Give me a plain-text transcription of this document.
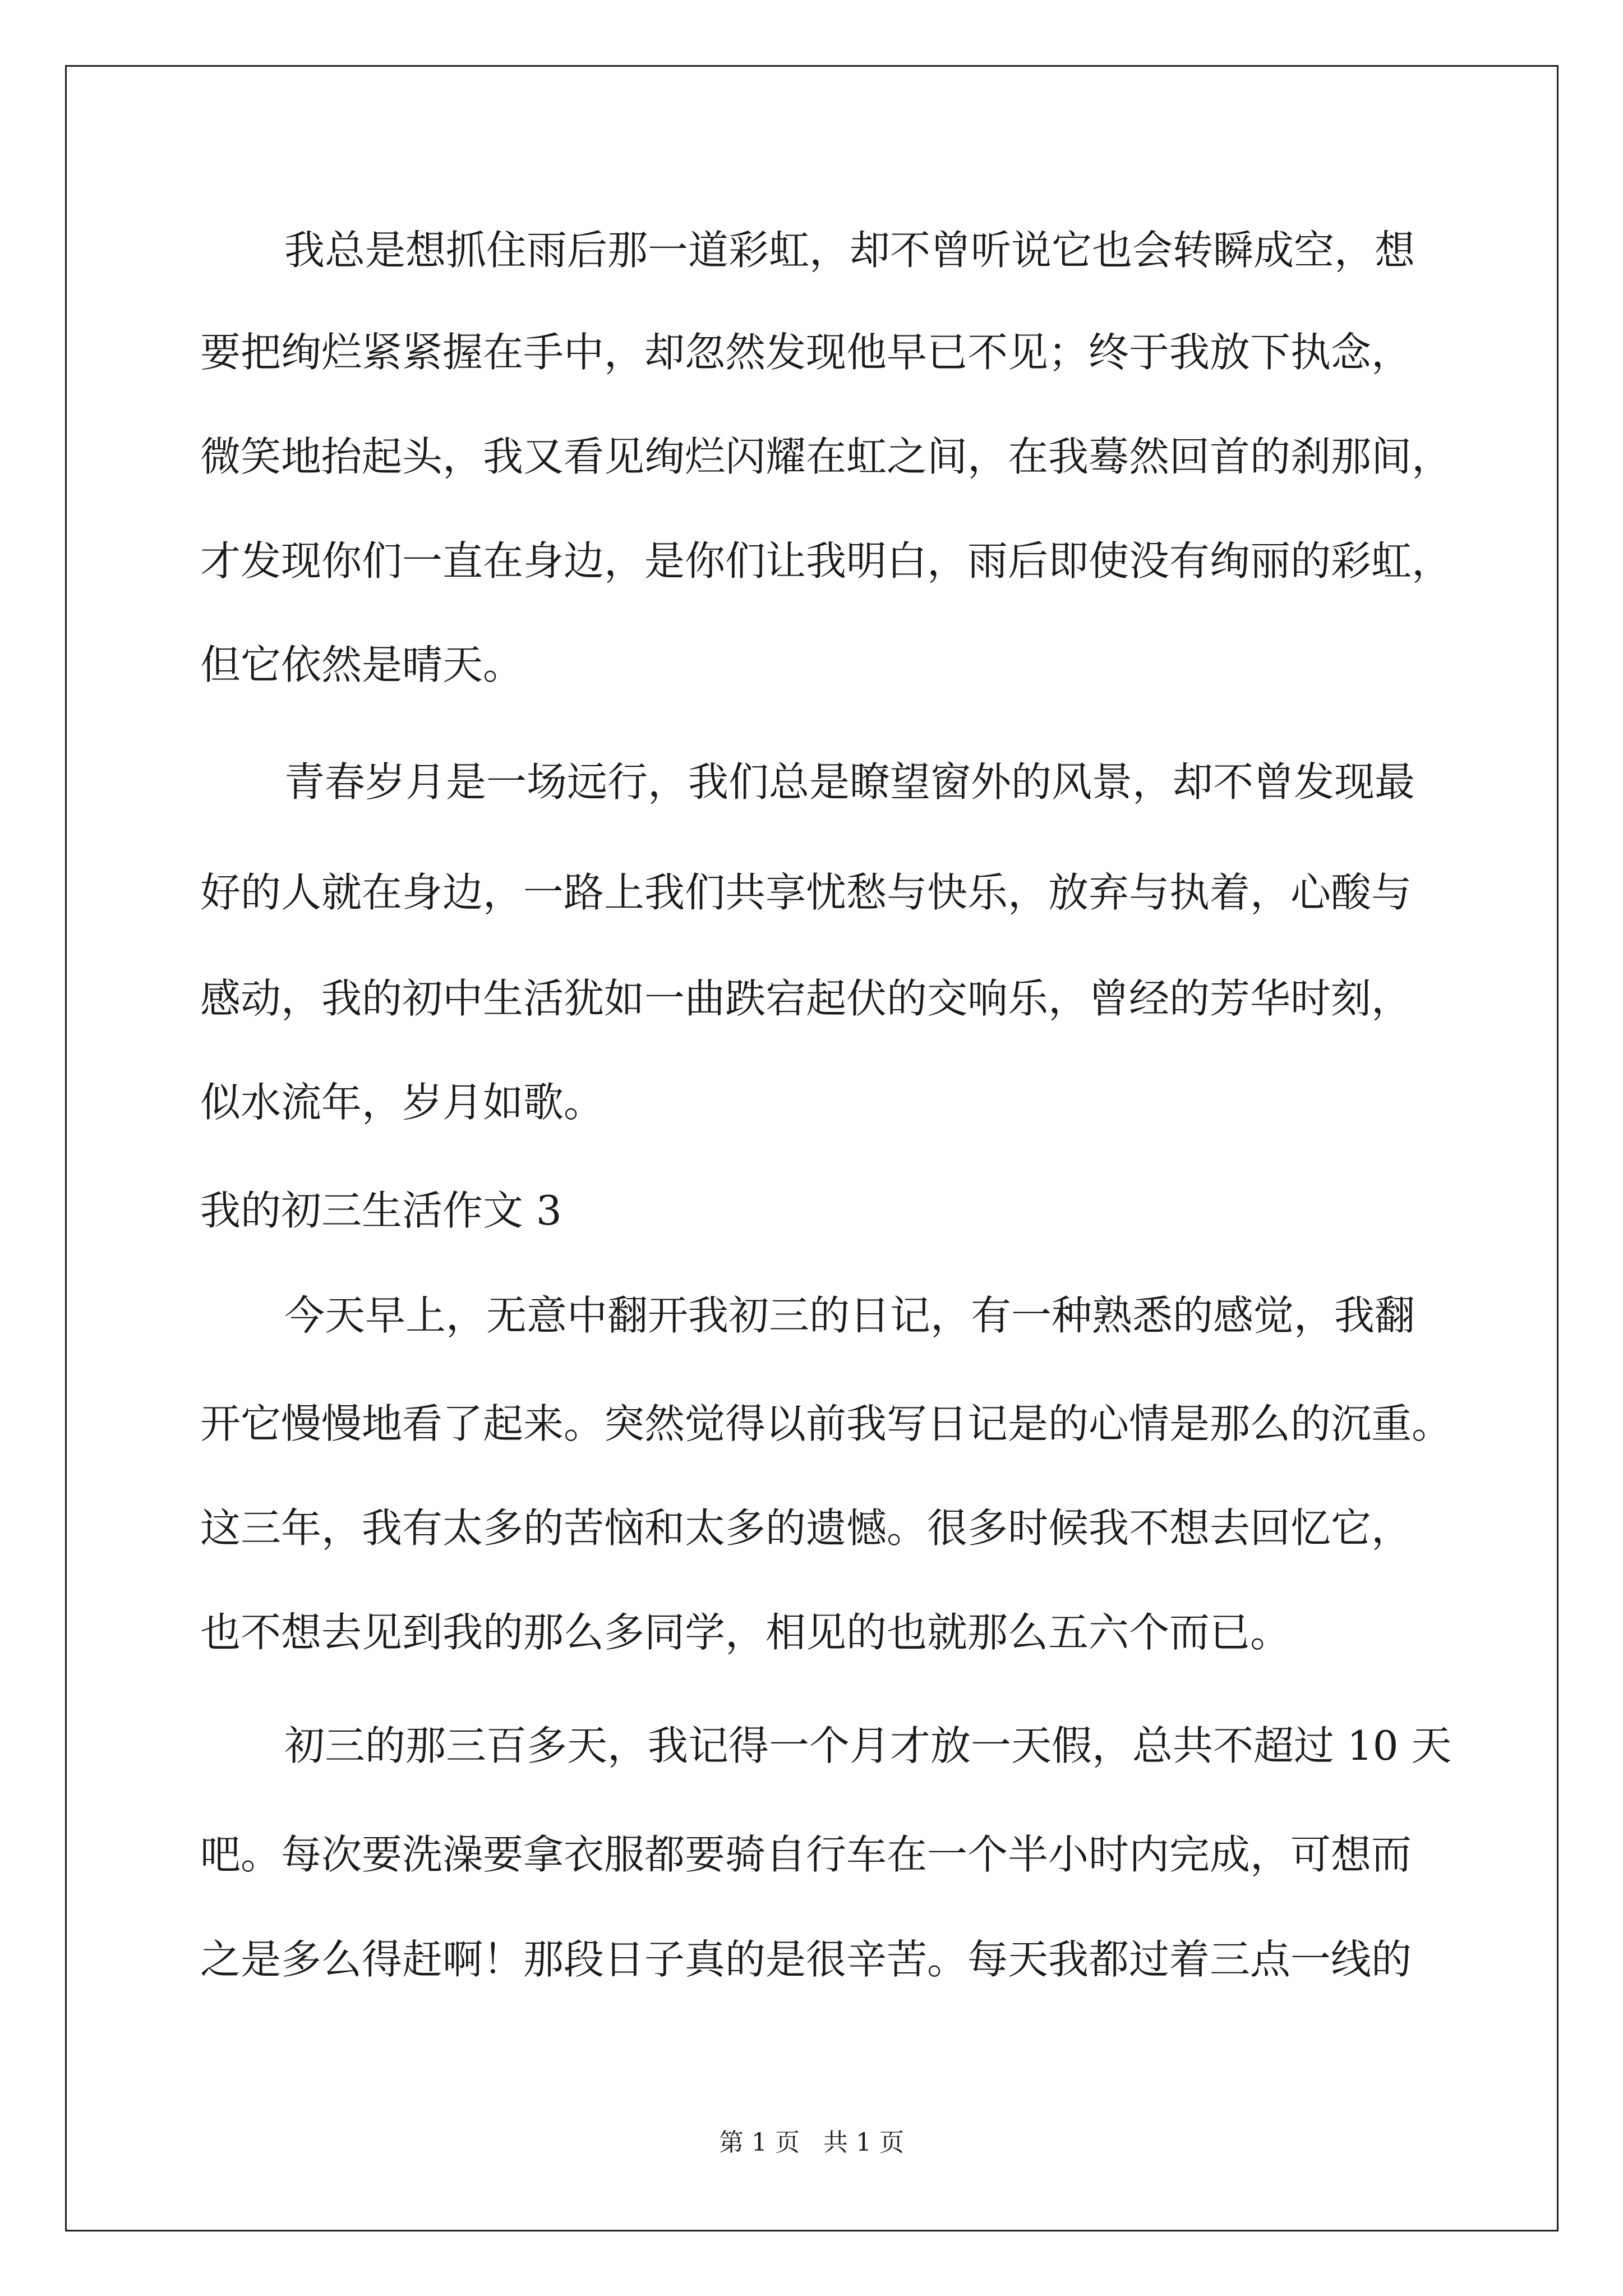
我总是想抓住雨后那一道彩虹，却不曾听说它也会转瞬成空，想
要把绚烂紧紧握在手中，却忽然发现他早已不见；终于我放下执念，
微笑地抬起头，我又看见绚烂闪耀在虹之间，在我蓦然回首的刹那间，
才发现你们一直在身边，是你们让我明白，雨后即使没有绚丽的彩虹，
但它依然是晴天。
青春岁月是一场远行，我们总是瞭望窗外的风景，却不曾发现最
好的人就在身边，一路上我们共享忧愁与快乐，放弃与执着，心酸与
感动，我的初中生活犹如一曲跌宕起伏的交响乐，曾经的芳华时刻，
似水流年，岁月如歌。
我的初三生活作文 3
今天早上，无意中翻开我初三的日记，有一种熟悉的感觉，我翻
开它慢慢地看了起来。突然觉得以前我写日记是的心情是那么的沉重。
这三年，我有太多的苦恼和太多的遗憾。很多时候我不想去回忆它，
也不想去见到我的那么多同学，相见的也就那么五六个而已。
初三的那三百多天，我记得一个月才放一天假，总共不超过 10 天
吧。每次要洗澡要拿衣服都要骑自行车在一个半小时内完成，可想而
之是多么得赶啊！那段日子真的是很辛苦。每天我都过着三点一线的
第 1 页   共 1 页
